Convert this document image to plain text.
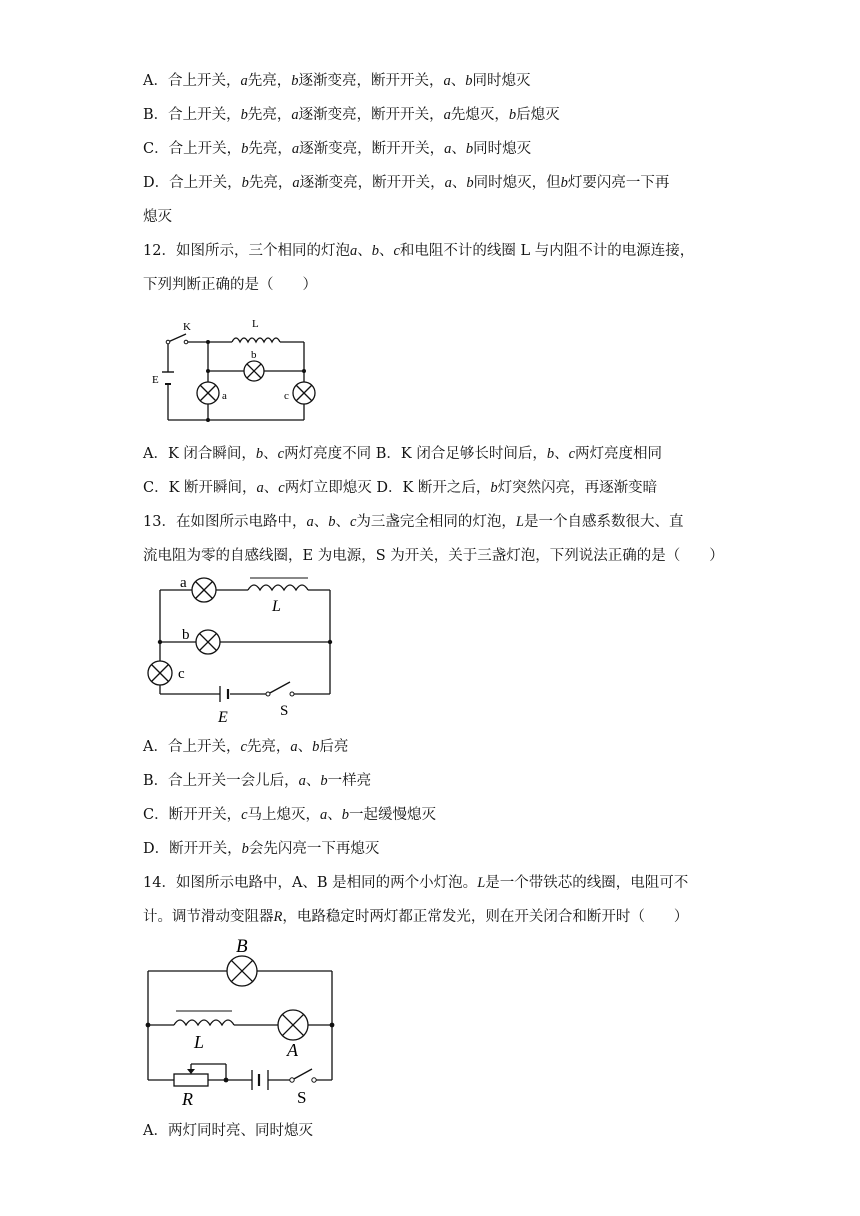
A．合上开关，a先亮，b逐渐变亮，断开开关，a、b同时熄灭
B．合上开关，b先亮，a逐渐变亮，断开开关，a先熄灭，b后熄灭
C．合上开关，b先亮，a逐渐变亮，断开开关，a、b同时熄灭
D．合上开关，b先亮，a逐渐变亮，断开开关，a、b同时熄灭，但b灯要闪亮一下再
熄灭
12．如图所示，三个相同的灯泡a、b、c和电阻不计的线圈 L 与内阻不计的电源连接，
下列判断正确的是（　　）
K	L
E
a
b
c
A．K 闭合瞬间，b、c两灯亮度不同 B．K 闭合足够长时间后，b、c两灯亮度相同
C．K 断开瞬间，a、c两灯立即熄灭 D．K 断开之后，b灯突然闪亮，再逐渐变暗
13．在如图所示电路中，a、b、c为三盏完全相同的灯泡，L是一个自感系数很大、直
流电阻为零的自感线圈，E 为电源，S 为开关，关于三盏灯泡，下列说法正确的是（　　）
a
b
c
L
E	S
A．合上开关，c先亮，a、b后亮
B．合上开关一会儿后，a、b一样亮
C．断开开关，c马上熄灭，a、b一起缓慢熄灭
D．断开开关，b会先闪亮一下再熄灭
14．如图所示电路中，A、B 是相同的两个小灯泡。L是一个带铁芯的线圈，电阻可不
计。调节滑动变阻器R，电路稳定时两灯都正常发光，则在开关闭合和断开时（　　）
B
L	A
R	S
A．两灯同时亮、同时熄灭
